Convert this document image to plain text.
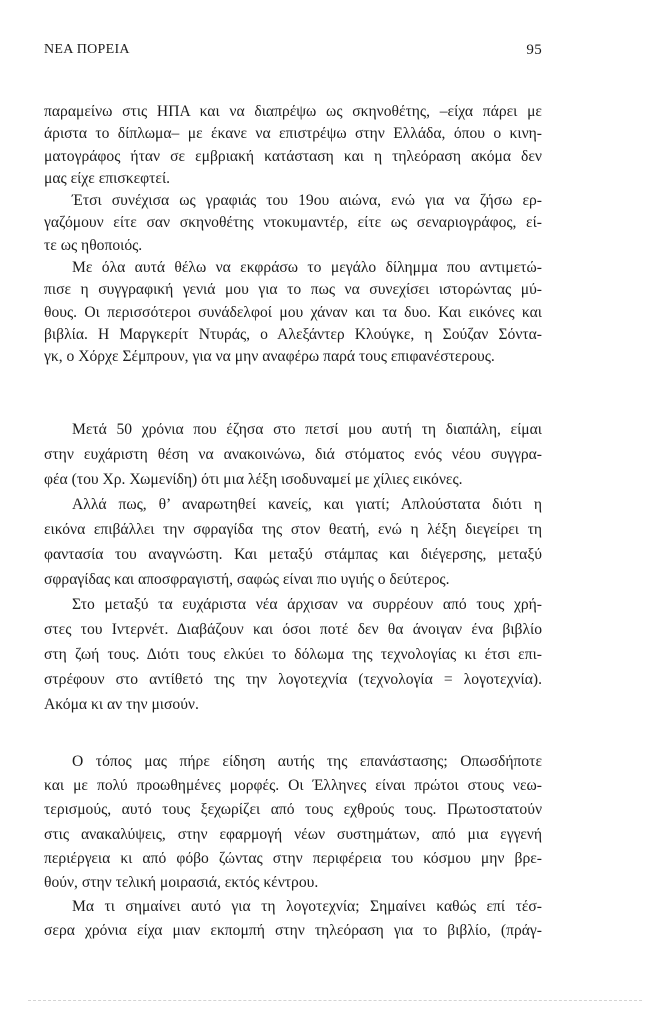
ΝΕΑ ΠΟΡΕΙΑ	95
παραμείνω στις ΗΠΑ και να διαπρέψω ως σκηνοθέτης, –είχα πάρει με
άριστα το δίπλωμα– με έκανε να επιστρέψω στην Ελλάδα, όπου ο κινη-
ματογράφος ήταν σε εμβριακή κατάσταση και η τηλεόραση ακόμα δεν
μας είχε επισκεφτεί.
Έτσι συνέχισα ως γραφιάς του 19ου αιώνα, ενώ για να ζήσω ερ-
γαζόμουν είτε σαν σκηνοθέτης ντοκυμαντέρ, είτε ως σεναριογράφος, εί-
τε ως ηθοποιός.
Με όλα αυτά θέλω να εκφράσω το μεγάλο δίλημμα που αντιμετώ-
πισε η συγγραφική γενιά μου για το πως να συνεχίσει ιστορώντας μύ-
θους. Οι περισσότεροι συνάδελφοί μου χάναν και τα δυο. Και εικόνες και
βιβλία. Η Μαργκερίτ Ντυράς, ο Αλεξάντερ Κλούγκε, η Σούζαν Σόντα-
γκ, ο Χόρχε Σέμπρουν, για να μην αναφέρω παρά τους επιφανέστερους.
Μετά 50 χρόνια που έζησα στο πετσί μου αυτή τη διαπάλη, είμαι
στην ευχάριστη θέση να ανακοινώνω, διά στόματος ενός νέου συγγρα-
φέα (του Χρ. Χωμενίδη) ότι μια λέξη ισοδυναμεί με χίλιες εικόνες.
Αλλά πως, θ’ αναρωτηθεί κανείς, και γιατί; Απλούστατα διότι η
εικόνα επιβάλλει την σφραγίδα της στον θεατή, ενώ η λέξη διεγείρει τη
φαντασία του αναγνώστη. Και μεταξύ στάμπας και διέγερσης, μεταξύ
σφραγίδας και αποσφραγιστή, σαφώς είναι πιο υγιής ο δεύτερος.
Στο μεταξύ τα ευχάριστα νέα άρχισαν να συρρέουν από τους χρή-
στες του Ιντερνέτ. Διαβάζουν και όσοι ποτέ δεν θα άνοιγαν ένα βιβλίο
στη ζωή τους. Διότι τους ελκύει το δόλωμα της τεχνολογίας κι έτσι επι-
στρέφουν στο αντίθετό της την λογοτεχνία (τεχνολογία = λογοτεχνία).
Ακόμα κι αν την μισούν.
Ο τόπος μας πήρε είδηση αυτής της επανάστασης; Οπωσδήποτε
και με πολύ προωθημένες μορφές. Οι Έλληνες είναι πρώτοι στους νεω-
τερισμούς, αυτό τους ξεχωρίζει από τους εχθρούς τους. Πρωτοστατούν
στις ανακαλύψεις, στην εφαρμογή νέων συστημάτων, από μια εγγενή
περιέργεια κι από φόβο ζώντας στην περιφέρεια του κόσμου μην βρε-
θούν, στην τελική μοιρασιά, εκτός κέντρου.
Μα τι σημαίνει αυτό για τη λογοτεχνία; Σημαίνει καθώς επί τέσ-
σερα χρόνια είχα μιαν εκπομπή στην τηλεόραση για το βιβλίο, (πράγ-
